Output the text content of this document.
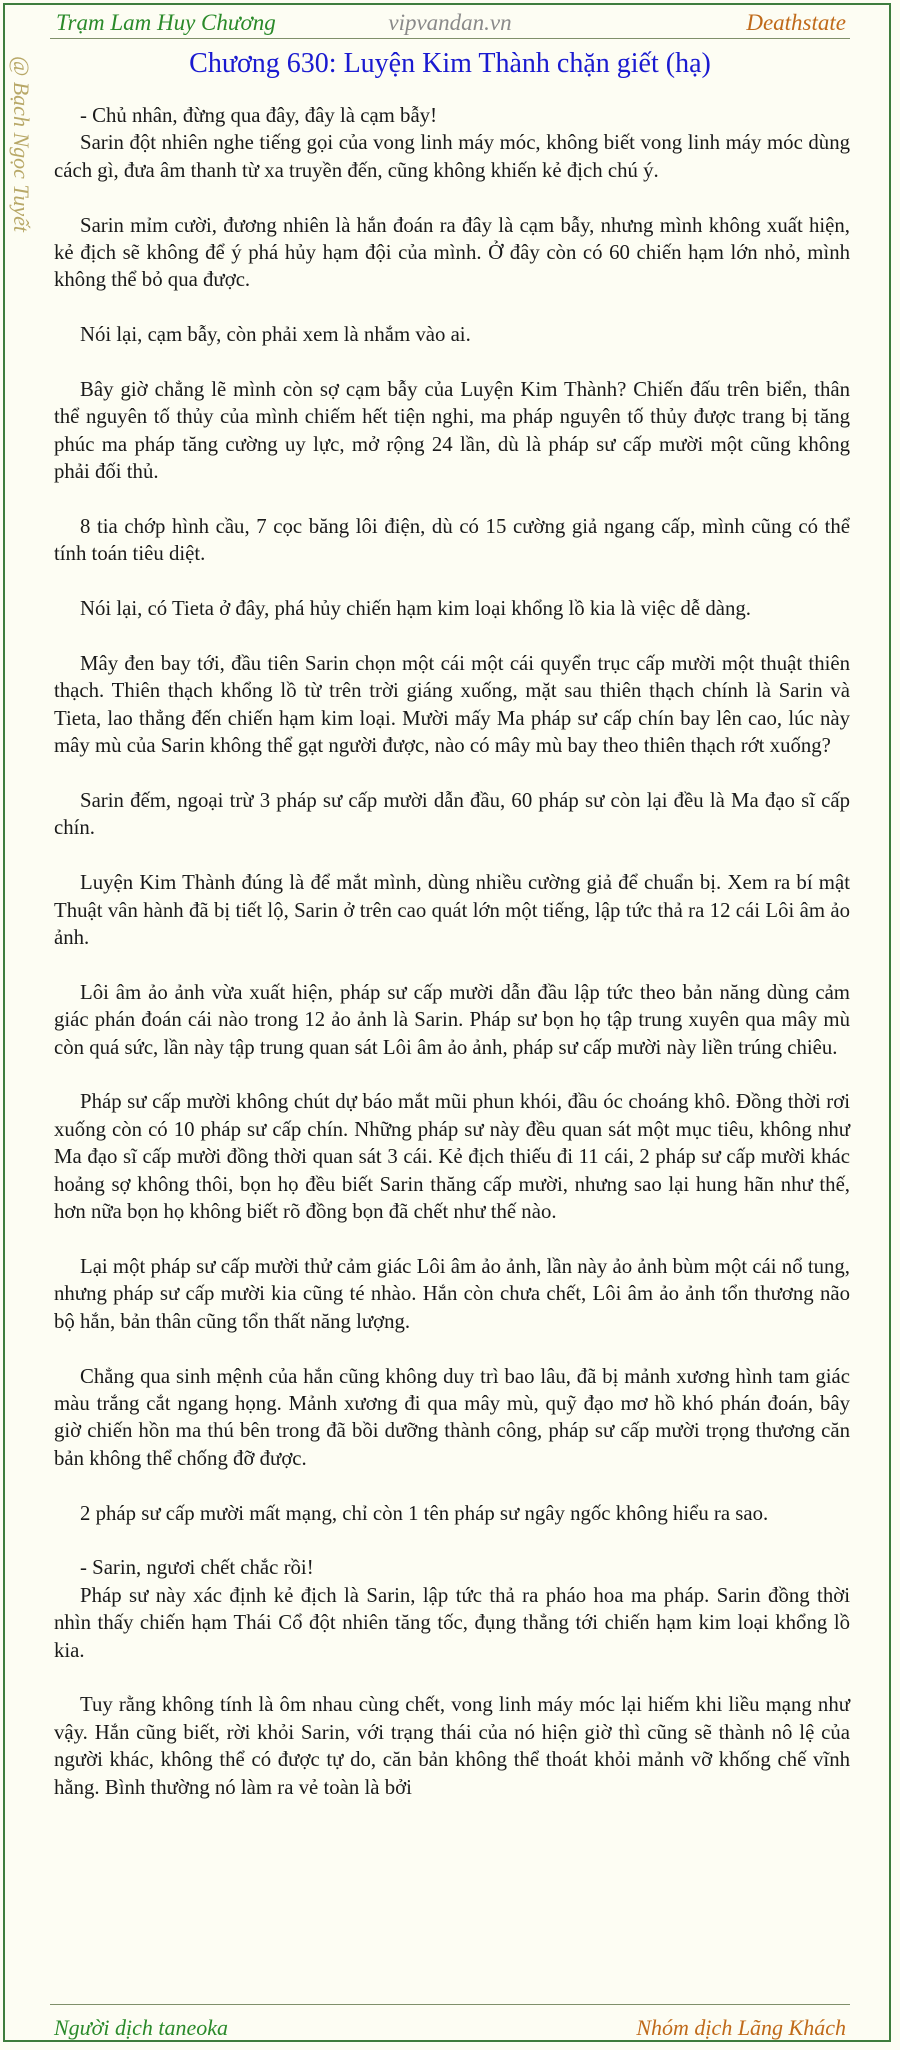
Trạm Lam Huy Chương	vipvandan.vn	Deathstate
@ Bạch Ngọc Tuyết	Chương 630: Luyện Kim Thành chặn giết (hạ)

- Chủ nhân, đừng qua đây, đây là cạm bẫy!

Sarin đột nhiên nghe tiếng gọi của vong linh máy móc, không biết vong linh máy móc dùng cách gì, đưa âm thanh từ xa truyền đến, cũng không khiến kẻ địch chú ý.

Sarin mỉm cười, đương nhiên là hắn đoán ra đây là cạm bẫy, nhưng mình không xuất hiện, kẻ địch sẽ không để ý phá hủy hạm đội của mình. Ở đây còn có 60 chiến hạm lớn nhỏ, mình không thể bỏ qua được.

Nói lại, cạm bẫy, còn phải xem là nhắm vào ai.

Bây giờ chẳng lẽ mình còn sợ cạm bẫy của Luyện Kim Thành? Chiến đấu trên biển, thân thể nguyên tố thủy của mình chiếm hết tiện nghi, ma pháp nguyên tố thủy được trang bị tăng phúc ma pháp tăng cường uy lực, mở rộng 24 lần, dù là pháp sư cấp mười một cũng không phải đối thủ.

8 tia chớp hình cầu, 7 cọc băng lôi điện, dù có 15 cường giả ngang cấp, mình cũng có thể tính toán tiêu diệt.

Nói lại, có Tieta ở đây, phá hủy chiến hạm kim loại khổng lồ kia là việc dễ dàng.

Mây đen bay tới, đầu tiên Sarin chọn một cái một cái quyển trục cấp mười một thuật thiên thạch. Thiên thạch khổng lồ từ trên trời giáng xuống, mặt sau thiên thạch chính là Sarin và Tieta, lao thẳng đến chiến hạm kim loại. Mười mấy Ma pháp sư cấp chín bay lên cao, lúc này mây mù của Sarin không thể gạt người được, nào có mây mù bay theo thiên thạch rớt xuống?

Sarin đếm, ngoại trừ 3 pháp sư cấp mười dẫn đầu, 60 pháp sư còn lại đều là Ma đạo sĩ cấp chín.

Luyện Kim Thành đúng là để mắt mình, dùng nhiều cường giả để chuẩn bị. Xem ra bí mật Thuật vân hành đã bị tiết lộ, Sarin ở trên cao quát lớn một tiếng, lập tức thả ra 12 cái Lôi âm ảo ảnh.

Lôi âm ảo ảnh vừa xuất hiện, pháp sư cấp mười dẫn đầu lập tức theo bản năng dùng cảm giác phán đoán cái nào trong 12 ảo ảnh là Sarin. Pháp sư bọn họ tập trung xuyên qua mây mù còn quá sức, lần này tập trung quan sát Lôi âm ảo ảnh, pháp sư cấp mười này liền trúng chiêu.

Pháp sư cấp mười không chút dự báo mắt mũi phun khói, đầu óc choáng khô. Đồng thời rơi xuống còn có 10 pháp sư cấp chín. Những pháp sư này đều quan sát một mục tiêu, không như Ma đạo sĩ cấp mười đồng thời quan sát 3 cái. Kẻ địch thiếu đi 11 cái, 2 pháp sư cấp mười khác hoảng sợ không thôi, bọn họ đều biết Sarin thăng cấp mười, nhưng sao lại hung hãn như thế, hơn nữa bọn họ không biết rõ đồng bọn đã chết như thế nào.

Lại một pháp sư cấp mười thử cảm giác Lôi âm ảo ảnh, lần này ảo ảnh bùm một cái nổ tung, nhưng pháp sư cấp mười kia cũng té nhào. Hắn còn chưa chết, Lôi âm ảo ảnh tổn thương não bộ hắn, bản thân cũng tổn thất năng lượng.

Chẳng qua sinh mệnh của hắn cũng không duy trì bao lâu, đã bị mảnh xương hình tam giác màu trắng cắt ngang họng. Mảnh xương đi qua mây mù, quỹ đạo mơ hồ khó phán đoán, bây giờ chiến hồn ma thú bên trong đã bồi dưỡng thành công, pháp sư cấp mười trọng thương căn bản không thể chống đỡ được.

2 pháp sư cấp mười mất mạng, chỉ còn 1 tên pháp sư ngây ngốc không hiểu ra sao.

- Sarin, ngươi chết chắc rồi!

Pháp sư này xác định kẻ địch là Sarin, lập tức thả ra pháo hoa ma pháp. Sarin đồng thời nhìn thấy chiến hạm Thái Cổ đột nhiên tăng tốc, đụng thẳng tới chiến hạm kim loại khổng lồ kia.

Tuy rằng không tính là ôm nhau cùng chết, vong linh máy móc lại hiếm khi liều mạng như vậy. Hắn cũng biết, rời khỏi Sarin, với trạng thái của nó hiện giờ thì cũng sẽ thành nô lệ của người khác, không thể có được tự do, căn bản không thể thoát khỏi mảnh vỡ khống chế vĩnh hằng. Bình thường nó làm ra vẻ toàn là bởi

Người dịch taneoka	Nhóm dịch Lãng Khách
